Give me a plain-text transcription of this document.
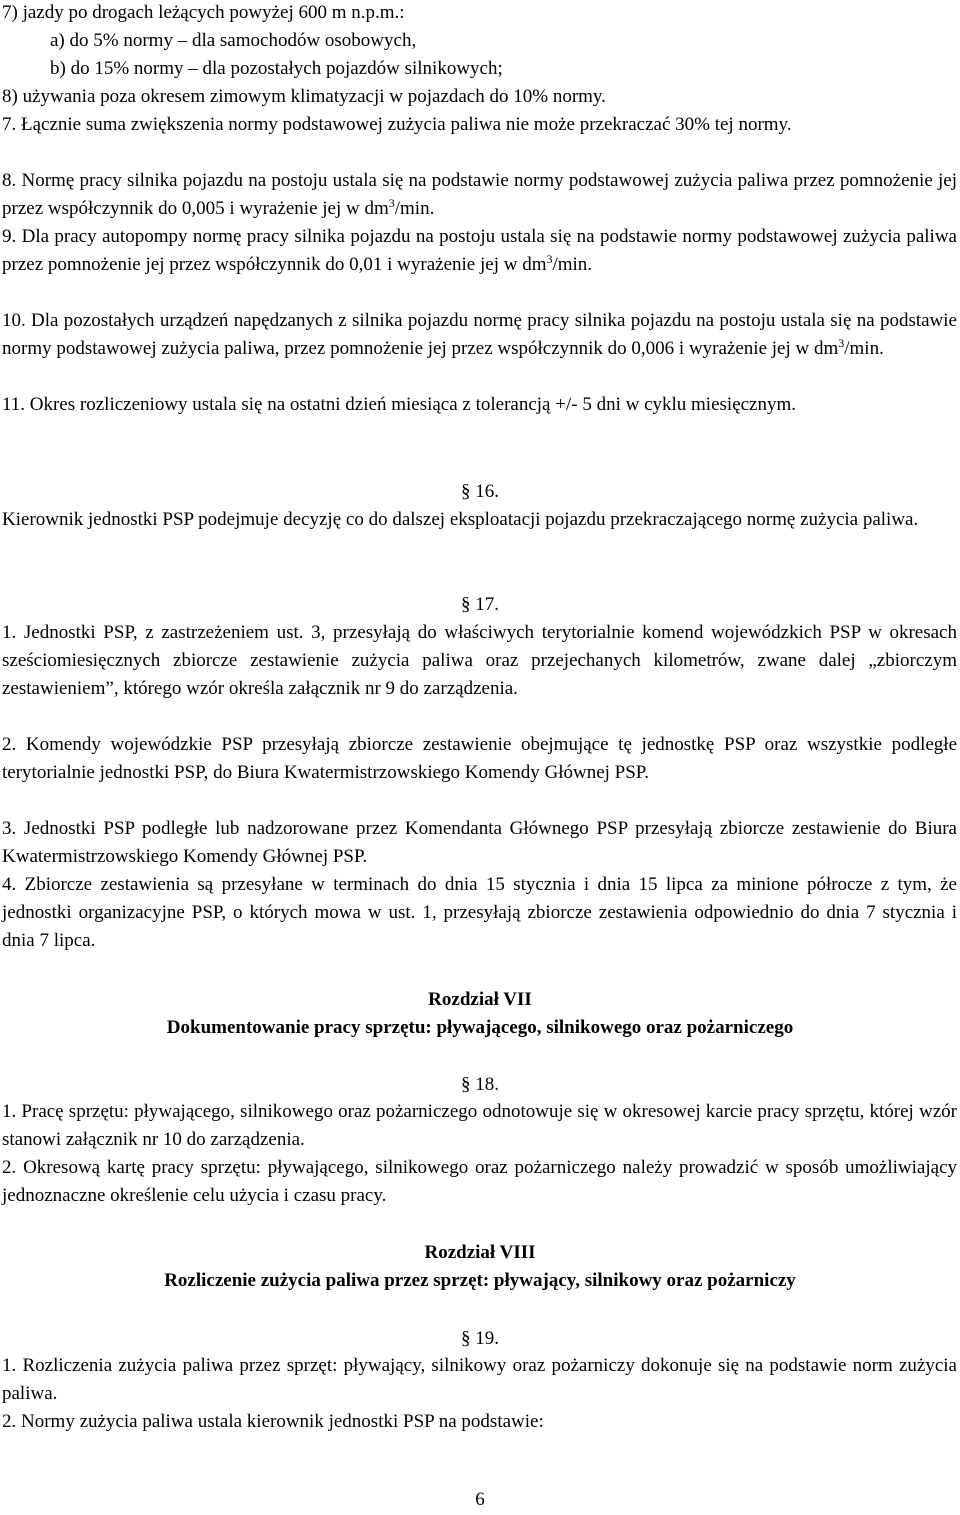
7) jazdy po drogach leżących powyżej 600 m n.p.m.:
a) do 5% normy – dla samochodów osobowych,
b) do 15% normy – dla pozostałych pojazdów silnikowych;
8) używania poza okresem zimowym klimatyzacji w pojazdach do 10% normy.
7. Łącznie suma zwiększenia normy podstawowej zużycia paliwa nie może przekraczać 30% tej normy.
8. Normę pracy silnika pojazdu na postoju ustala się na podstawie normy podstawowej zużycia paliwa przez pomnożenie jej przez współczynnik do 0,005 i wyrażenie jej w $dm^3/\min$.
9. Dla pracy autopompy normę pracy silnika pojazdu na postoju ustala się na podstawie normy podstawowej zużycia paliwa przez pomnożenie jej przez współczynnik do 0,01 i wyrażenie jej w $dm^3/\min$.
10. Dla pozostałych urządzeń napędzanych z silnika pojazdu normę pracy silnika pojazdu na postoju ustala się na podstawie normy podstawowej zużycia paliwa, przez pomnożenie jej przez współczynnik do 0,006 i wyrażenie jej w $dm^3/\min$.
11. Okres rozliczeniowy ustala się na ostatni dzień miesiąca z tolerancją +/- 5 dni w cyklu miesięcznym.
§ 16.
Kierownik jednostki PSP podejmuje decyzję co do dalszej eksploatacji pojazdu przekraczającego normę zużycia paliwa.
§ 17.
1. Jednostki PSP, z zastrzeżeniem ust. 3, przesyłają do właściwych terytorialnie komend wojewódzkich PSP w okresach sześciomiesięcznych zbiorcze zestawienie zużycia paliwa oraz przejechanych kilometrów, zwane dalej „zbiorczym zestawieniem”, którego wzór określa załącznik nr 9 do zarządzenia.
2. Komendy wojewódzkie PSP przesyłają zbiorcze zestawienie obejmujące tę jednostkę PSP oraz wszystkie podległe terytorialnie jednostki PSP, do Biura Kwatermistrzowskiego Komendy Głównej PSP.
3. Jednostki PSP podległe lub nadzorowane przez Komendanta Głównego PSP przesyłają zbiorcze zestawienie do Biura Kwatermistrzowskiego Komendy Głównej PSP.
4. Zbiorcze zestawienia są przesyłane w terminach do dnia 15 stycznia i dnia 15 lipca za minione półrocze z tym, że jednostki organizacyjne PSP, o których mowa w ust. 1, przesyłają zbiorcze zestawienia odpowiednio do dnia 7 stycznia i dnia 7 lipca.
Rozdział VII
Dokumentowanie pracy sprzętu: pływającego, silnikowego oraz pożarniczego
§ 18.
1. Pracę sprzętu: pływającego, silnikowego oraz pożarniczego odnotowuje się w okresowej karcie pracy sprzętu, której wzór stanowi załącznik nr 10 do zarządzenia.
2. Okresową kartę pracy sprzętu: pływającego, silnikowego oraz pożarniczego należy prowadzić w sposób umożliwiający jednoznaczne określenie celu użycia i czasu pracy.
Rozdział VIII
Rozliczenie zużycia paliwa przez sprzęt: pływający, silnikowy oraz pożarniczy
§ 19.
1. Rozliczenia zużycia paliwa przez sprzęt: pływający, silnikowy oraz pożarniczy dokonuje się na podstawie norm zużycia paliwa.
2. Normy zużycia paliwa ustala kierownik jednostki PSP na podstawie:
6
